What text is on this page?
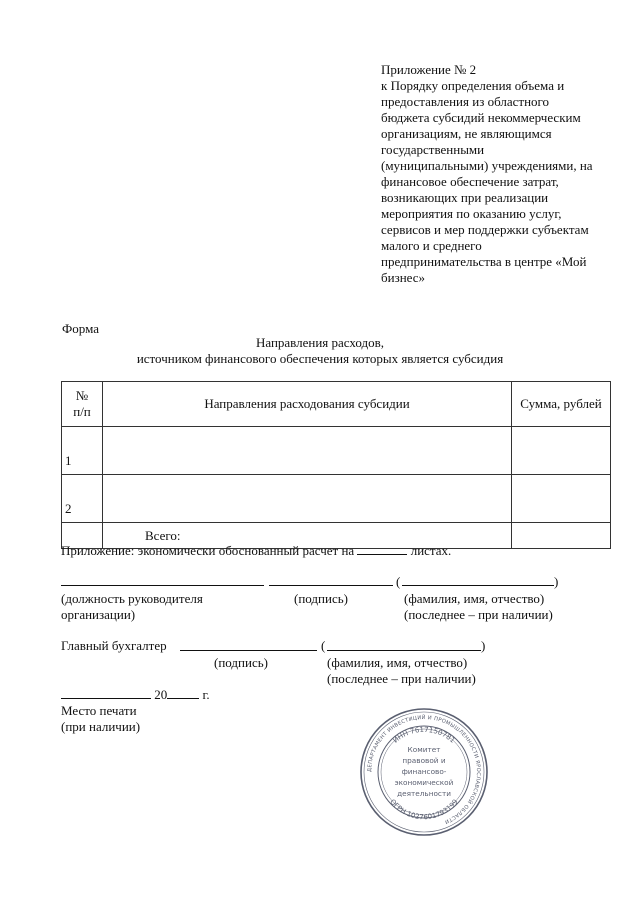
Приложение № 2
к Порядку определения объема и
предоставления из областного
бюджета субсидий некоммерческим
организациям, не являющимся
государственными
(муниципальными) учреждениями, на
финансовое обеспечение затрат,
возникающих при реализации
мероприятия по оказанию услуг,
сервисов и мер поддержки субъектам
малого и среднего
предпринимательства в центре «Мой
бизнес»
Форма
Направления расходов,
источником финансового обеспечения которых является субсидия
№
п/п	Направления расходования субсидии	Сумма, рублей
1		
2		
	Всего:	
Приложение: экономически обоснованный расчет на	листах.
(	)
(должность руководителя
организации)
(подпись)	(фамилия, имя, отчество)
(последнее – при наличии)
Главный бухгалтер	(	)
(подпись)	(фамилия, имя, отчество)
(последнее – при наличии)
20	г.
Место печати
(при наличии)
ДЕПАРТАМЕНТ ИНВЕСТИЦИЙ И ПРОМЫШЛЕННОСТИ ЯРОСЛАВСКОЙ ОБЛАСТИ
ИНН 7617150781
ОГРН 1027601793199
Комитет
правовой и
финансово-
экономической
деятельности
